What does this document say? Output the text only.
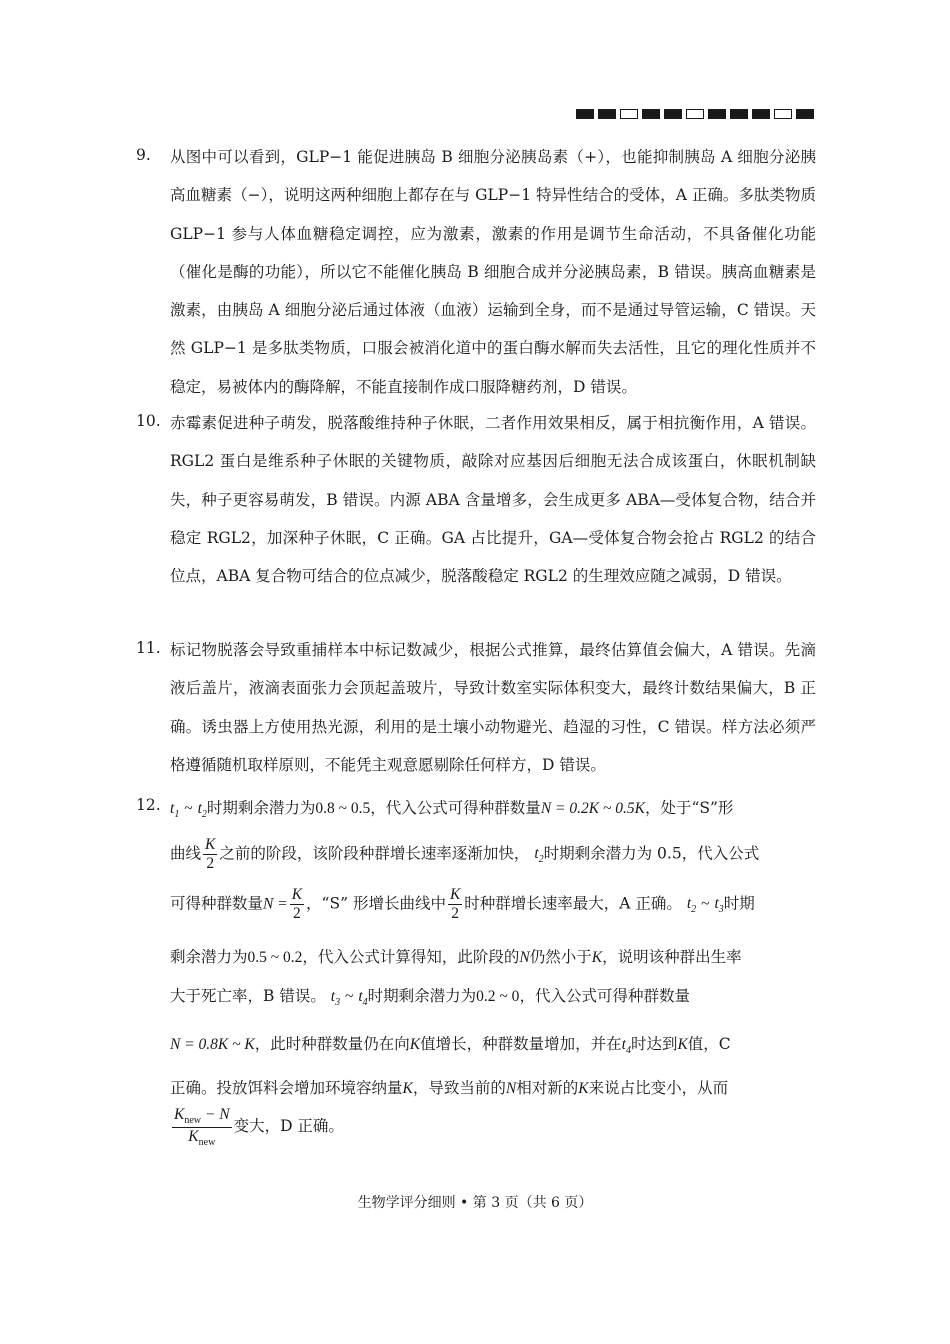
9. 从图中可以看到，GLP−1 能促进胰岛 B 细胞分泌胰岛素（+），也能抑制胰岛 A 细胞分泌胰高血糖素（−），说明这两种细胞上都存在与 GLP−1 特异性结合的受体，A 正确。多肽类物质 GLP−1 参与人体血糖稳定调控，应为激素，激素的作用是调节生命活动，不具备催化功能（催化是酶的功能），所以它不能催化胰岛 B 细胞合成并分泌胰岛素，B 错误。胰高血糖素是激素，由胰岛 A 细胞分泌后通过体液（血液）运输到全身，而不是通过导管运输，C 错误。天然 GLP−1 是多肽类物质，口服会被消化道中的蛋白酶水解而失去活性，且它的理化性质并不稳定，易被体内的酶降解，不能直接制作成口服降糖药剂，D 错误。
10. 赤霉素促进种子萌发，脱落酸维持种子休眠，二者作用效果相反，属于相抗衡作用，A 错误。RGL2 蛋白是维系种子休眠的关键物质，敲除对应基因后细胞无法合成该蛋白，休眠机制缺失，种子更容易萌发，B 错误。内源 ABA 含量增多，会生成更多 ABA—受体复合物，结合并稳定 RGL2，加深种子休眠，C 正确。GA 占比提升，GA—受体复合物会抢占 RGL2 的结合位点，ABA 复合物可结合的位点减少，脱落酸稳定 RGL2 的生理效应随之减弱，D 错误。
11. 标记物脱落会导致重捕样本中标记数减少，根据公式推算，最终估算值会偏大，A 错误。先滴液后盖片，液滴表面张力会顶起盖玻片，导致计数室实际体积变大，最终计数结果偏大，B 正确。诱虫器上方使用热光源，利用的是土壤小动物避光、趋湿的习性，C 错误。样方法必须严格遵循随机取样原则，不能凭主观意愿剔除任何样方，D 错误。
12. $t_1$ ~ $t_2$时期剩余潜力为0.8 ~ 0.5，代入公式可得种群数量N = 0.2K ~ 0.5K，处于“S”形
曲线 $\frac{K}{2}$ 之前的阶段，该阶段种群增长速率逐渐加快， $t_2$时期剩余潜力为 0.5，代入公式
可得种群数量$N = \frac{K}{2}$ ，“S” 形增长曲线中 $\frac{K}{2}$ 时种群增长速率最大，A 正确。 $t_2$ ~ $t_3$时期
剩余潜力为0.5 ~ 0.2，代入公式计算得知，此阶段的N仍然小于K，说明该种群出生率
大于死亡率，B 错误。 $t_3$ ~ $t_4$时期剩余潜力为0.2 ~ 0，代入公式可得种群数量
N = 0.8K ~ K，此时种群数量仍在向K值增长，种群数量增加，并在$t_4$时达到K值，C
正确。投放饵料会增加环境容纳量K，导致当前的N相对新的K来说占比变小，从而
$\frac{K_{new} - N}{K_{new}}$ 变大，D 正确。
生物学评分细则 • 第 3 页（共 6 页）
